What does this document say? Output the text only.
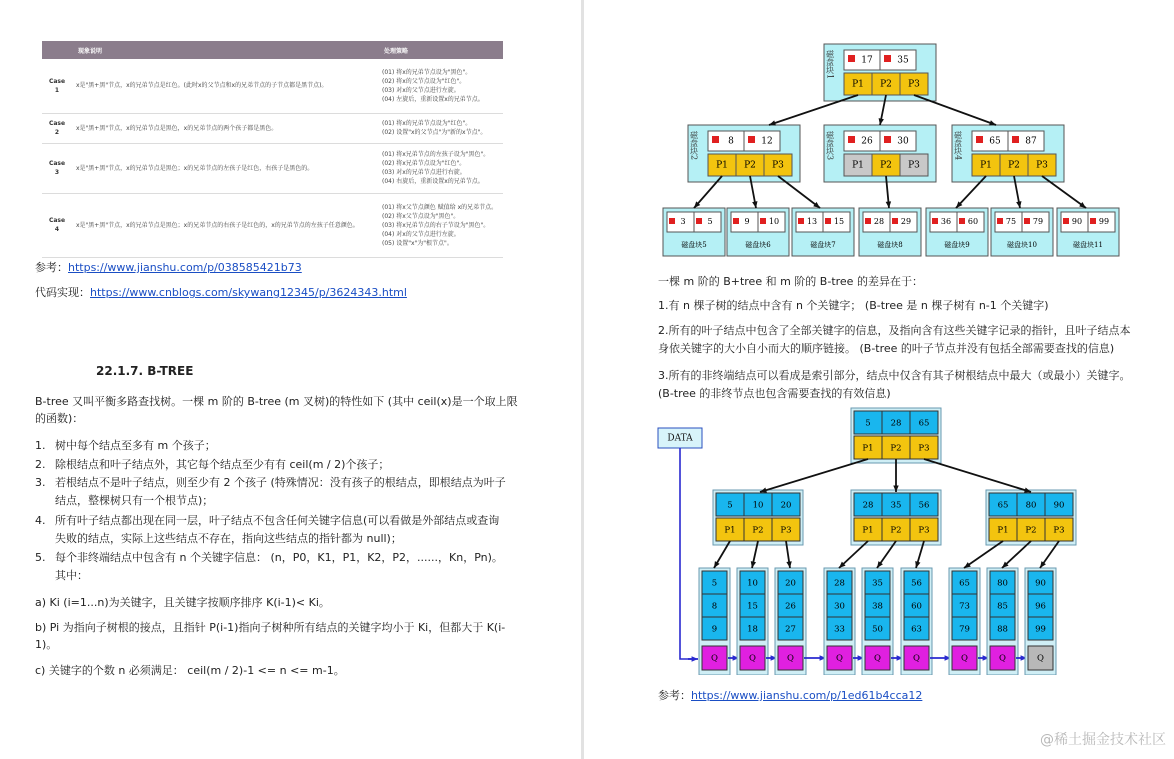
	现象说明	处理策略
Case 1	x是"黑+黑"节点，x的兄弟节点是红色。(此时x的父节点和x的兄弟节点的子节点都是黑节点)。	(01) 将x的兄弟节点设为"黑色"。
(02) 将x的父节点设为"红色"。
(03) 对x的父节点进行左旋。
(04) 左旋后，重新设置x的兄弟节点。

Case 2	x是"黑+黑"节点，x的兄弟节点是黑色，x的兄弟节点的两个孩子都是黑色。	(01) 将x的兄弟节点设为"红色"。
(02) 设置"x的父节点"为"新的x节点"。

Case 3	x是"黑+黑"节点，x的兄弟节点是黑色；x的兄弟节点的左孩子是红色，右孩子是黑色的。	(01) 将x兄弟节点的左孩子设为"黑色"。
(02) 将x兄弟节点设为"红色"。
(03) 对x的兄弟节点进行右旋。
(04) 右旋后，重新设置x的兄弟节点。

Case 4	x是"黑+黑"节点，x的兄弟节点是黑色；x的兄弟节点的右孩子是红色的，x的兄弟节点的左孩子任意颜色。	(01) 将x父节点颜色 赋值给 x的兄弟节点。
(02) 将x父节点设为"黑色"。
(03) 将x兄弟节点的右子节设为"黑色"。
(04) 对x的父节点进行左旋。
(05) 设置"x"为"根节点"。
参考：https://www.jianshu.com/p/038585421b73
代码实现：https://www.cnblogs.com/skywang12345/p/3624343.html
22.1.7. B-TREE
B-tree 又叫平衡多路查找树。一棵 m 阶的 B-tree (m 叉树)的特性如下 (其中 ceil(x)是一个取上限
的函数)：
1. 树中每个结点至多有 m 个孩子；
2. 除根结点和叶子结点外，其它每个结点至少有有 ceil(m / 2)个孩子；
3. 若根结点不是叶子结点，则至少有 2 个孩子 (特殊情况：没有孩子的根结点，即根结点为叶子结点，整棵树只有一个根节点)；
4. 所有叶子结点都出现在同一层，叶子结点不包含任何关键字信息(可以看做是外部结点或查询失败的结点，实际上这些结点不存在，指向这些结点的指针都为 null)；
5. 每个非终端结点中包含有 n 个关键字信息： (n，P0，K1，P1，K2，P2，......，Kn，Pn)。其中：
a) Ki (i=1...n)为关键字，且关键字按顺序排序 K(i-1)< Ki。
b) Pi 为指向子树根的接点，且指针 P(i-1)指向子树种所有结点的关键字均小于 Ki，但都大于 K(i-
1)。
c) 关键字的个数 n 必须满足： ceil(m / 2)-1 <= n <= m-1。
磁盘块1	17	35
P1 P2 P3
磁盘块2	8	12
P1 P2 P3
磁盘块3	26	30
P1 P2 P3
磁盘块4	65	87
P1 P2 P3
3	5
磁盘块5
9 10
磁盘块6
13 15
磁盘块7
28 29
磁盘块8
36 60
磁盘块9
75 79
磁盘块10
90 99
磁盘块11
一棵 m 阶的 B+tree 和 m 阶的 B-tree 的差异在于：
1.有 n 棵子树的结点中含有 n 个关键字； (B-tree 是 n 棵子树有 n-1 个关键字)
2.所有的叶子结点中包含了全部关键字的信息，及指向含有这些关键字记录的指针，且叶子结点本
身依关键字的大小自小而大的顺序链接。 (B-tree 的叶子节点并没有包括全部需要查找的信息)
3.所有的非终端结点可以看成是索引部分，结点中仅含有其子树根结点中最大（或最小）关键字。
(B-tree 的非终节点也包含需要查找的有效信息)
DATA
5
P1
28
P2
65
P3
5
P1
10
P2
20
P3
28
P1
35
P2
56
P3
65
P1
80
P2
90
P3
5
8
9
Q
10
15
18
Q
20
26
27
Q
28
30
33
Q
35
38
50
Q
56
60
63
Q
65
73
79
Q
80
85
88
Q
90
96
99
Q
参考：https://www.jianshu.com/p/1ed61b4cca12
@稀土掘金技术社区
